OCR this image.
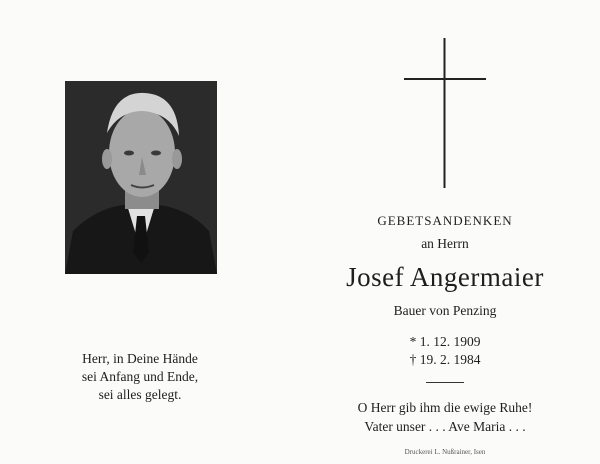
Herr, in Deine Hände
sei Anfang und Ende,
sei alles gelegt.
GEBETSANDENKEN
an Herrn
Josef Angermaier
Bauer von Penzing
* 1. 12. 1909
† 19. 2. 1984
O Herr gib ihm die ewige Ruhe!
Vater unser . . . Ave Maria . . .
Druckerei L. Nußrainer, Isen
